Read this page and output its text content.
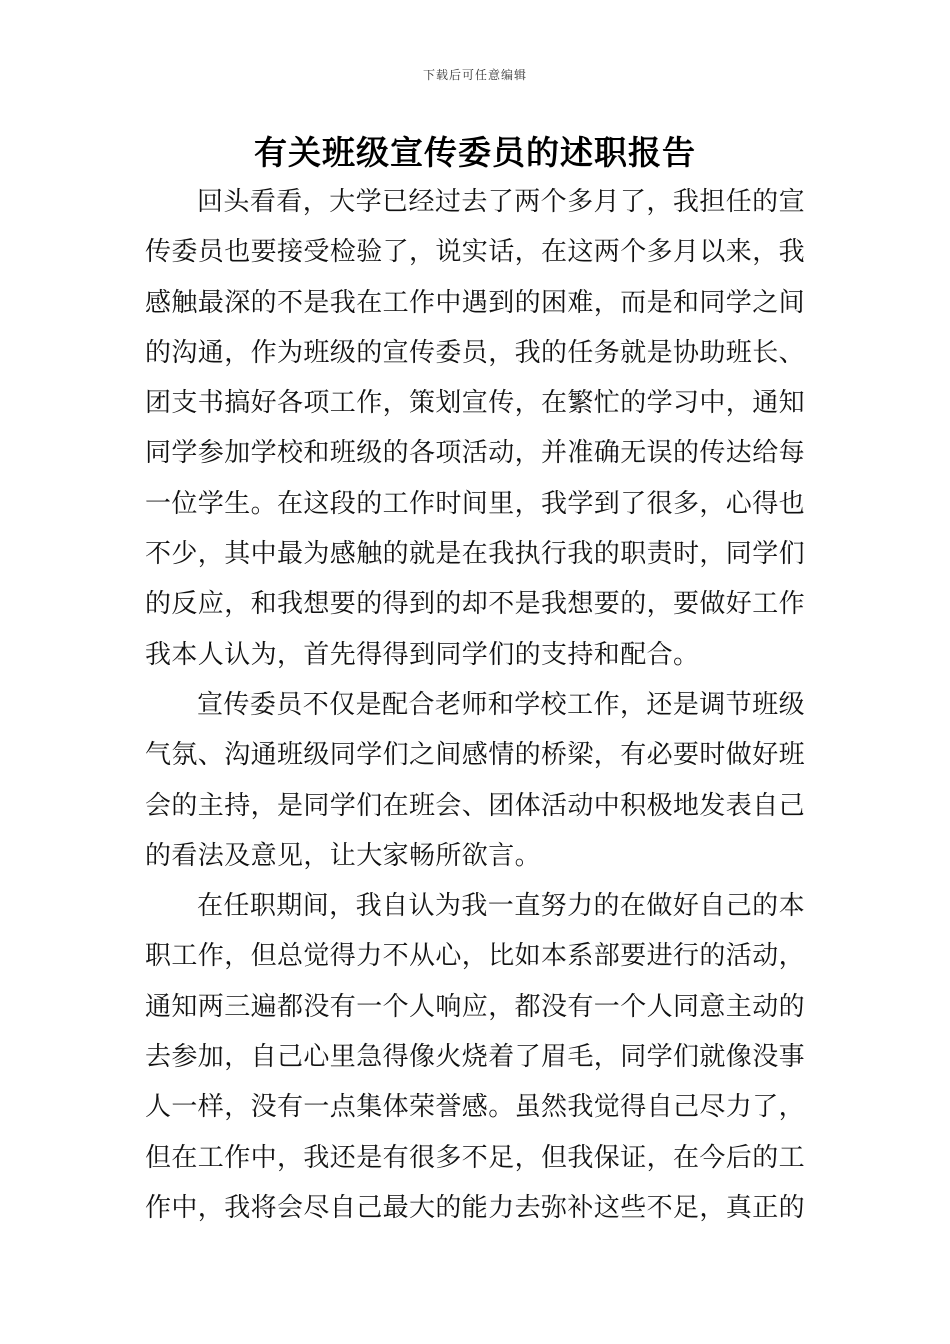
下载后可任意编辑
有关班级宣传委员的述职报告

回头看看，大学已经过去了两个多月了，我担任的宣传委员也要接受检验了，说实话，在这两个多月以来，我感触最深的不是我在工作中遇到的困难，而是和同学之间的沟通，作为班级的宣传委员，我的任务就是协助班长、团支书搞好各项工作，策划宣传，在繁忙的学习中，通知同学参加学校和班级的各项活动，并准确无误的传达给每一位学生。在这段的工作时间里，我学到了很多，心得也不少，其中最为感触的就是在我执行我的职责时，同学们的反应，和我想要的得到的却不是我想要的，要做好工作我本人认为，首先得得到同学们的支持和配合。

宣传委员不仅是配合老师和学校工作，还是调节班级气氛、沟通班级同学们之间感情的桥梁，有必要时做好班会的主持，是同学们在班会、团体活动中积极地发表自己的看法及意见，让大家畅所欲言。

在任职期间，我自认为我一直努力的在做好自己的本职工作，但总觉得力不从心，比如本系部要进行的活动，通知两三遍都没有一个人响应，都没有一个人同意主动的去参加，自己心里急得像火烧着了眉毛，同学们就像没事人一样，没有一点集体荣誉感。虽然我觉得自己尽力了，但在工作中，我还是有很多不足，但我保证，在今后的工作中，我将会尽自己最大的能力去弥补这些不足，真正的
